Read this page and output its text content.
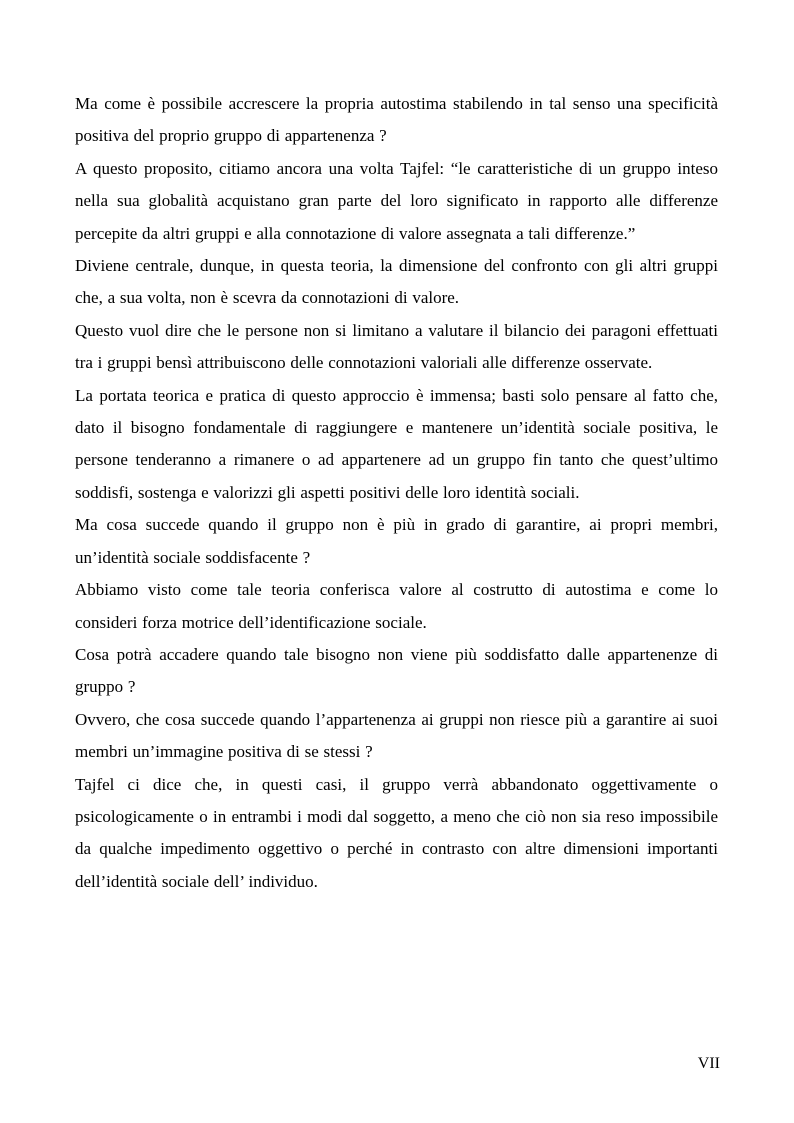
Ma come è possibile accrescere la propria autostima stabilendo in tal senso una specificità positiva del proprio gruppo di appartenenza ?

A questo proposito, citiamo ancora una volta Tajfel: “le caratteristiche di un gruppo inteso nella sua globalità acquistano gran parte del loro significato in rapporto alle differenze percepite da altri gruppi e alla connotazione di valore assegnata a tali differenze.”

Diviene centrale, dunque, in questa teoria, la dimensione del confronto con gli altri gruppi che, a sua volta, non è scevra da connotazioni di valore.

Questo vuol dire che le persone non si limitano a valutare il bilancio dei paragoni effettuati tra i gruppi bensì attribuiscono delle connotazioni valoriali alle differenze osservate.

La portata teorica e pratica di questo approccio è immensa; basti solo pensare al fatto che, dato il bisogno fondamentale di raggiungere e mantenere un’identità sociale positiva, le persone tenderanno a rimanere o ad appartenere ad un gruppo fin tanto che quest’ultimo soddisfi, sostenga e valorizzi gli aspetti positivi delle loro identità sociali.

Ma cosa succede quando il gruppo non è più in grado di garantire, ai propri membri, un’identità sociale soddisfacente ?

Abbiamo visto come tale teoria conferisca valore al costrutto di autostima e come lo consideri forza motrice dell’identificazione sociale.

Cosa potrà accadere quando tale bisogno non viene più soddisfatto dalle appartenenze di gruppo ?

Ovvero, che cosa succede quando l’appartenenza ai gruppi non riesce più a garantire ai suoi membri un’immagine positiva di se stessi ?

Tajfel ci dice che, in questi casi, il gruppo verrà abbandonato oggettivamente o psicologicamente o in entrambi i modi dal soggetto, a meno che ciò non sia reso impossibile da qualche impedimento oggettivo o perché in contrasto con altre dimensioni importanti dell’identità sociale dell’ individuo.

VII
